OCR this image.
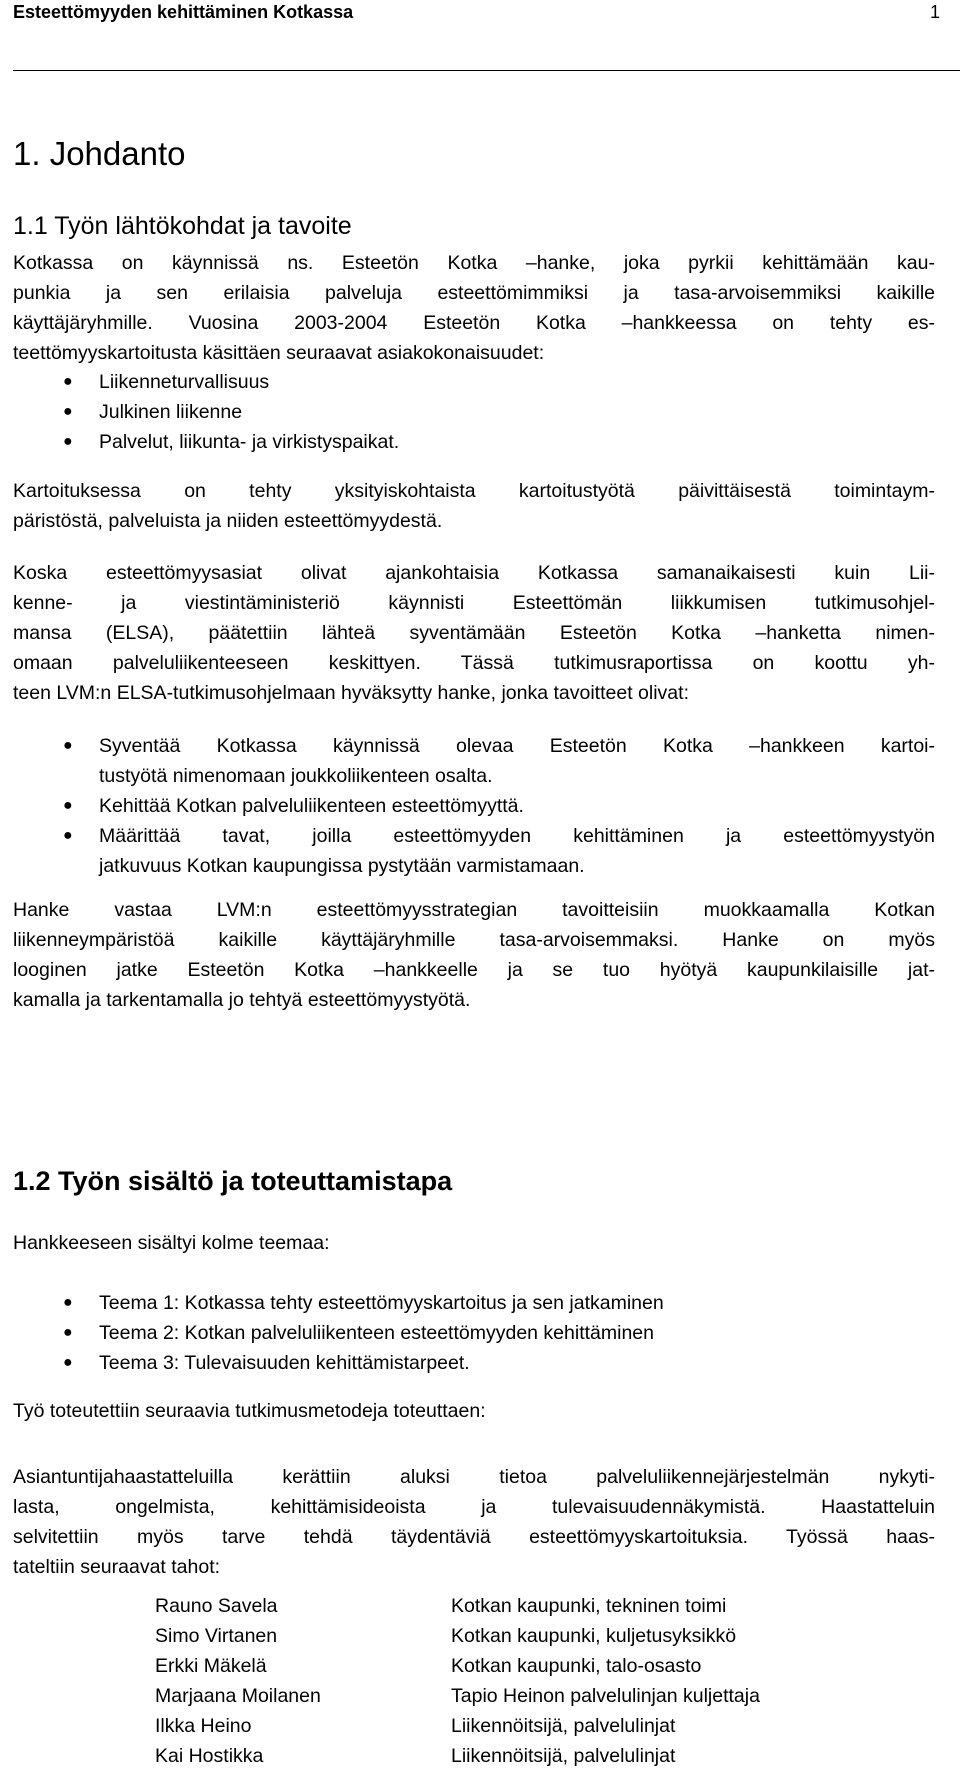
Esteettömyyden kehittäminen Kotkassa	1
1. Johdanto
1.1 Työn lähtökohdat ja tavoite

Kotkassa on käynnissä ns. Esteetön Kotka –hanke, joka pyrkii kehittämään kau-
punkia ja sen erilaisia palveluja esteettömimmiksi ja tasa-arvoisemmiksi kaikille
käyttäjäryhmille. Vuosina 2003-2004 Esteetön Kotka –hankkeessa on tehty es-
teettömyyskartoitusta käsittäen seuraavat asiakokonaisuudet:

● Liikenneturvallisuus
● Julkinen liikenne
● Palvelut, liikunta- ja virkistyspaikat.

Kartoituksessa on tehty yksityiskohtaista kartoitustyötä päivittäisestä toimintaym-
päristöstä, palveluista ja niiden esteettömyydestä.

Koska esteettömyysasiat olivat ajankohtaisia Kotkassa samanaikaisesti kuin Lii-
kenne- ja viestintäministeriö käynnisti Esteettömän liikkumisen tutkimusohjel-
mansa (ELSA), päätettiin lähteä syventämään Esteetön Kotka –hanketta nimen-
omaan palveluliikenteeseen keskittyen. Tässä tutkimusraportissa on koottu yh-
teen LVM:n ELSA-tutkimusohjelmaan hyväksytty hanke, jonka tavoitteet olivat:

● Syventää Kotkassa käynnissä olevaa Esteetön Kotka –hankkeen kartoi-
tustyötä nimenomaan joukkoliikenteen osalta.
● Kehittää Kotkan palveluliikenteen esteettömyyttä.
● Määrittää tavat, joilla esteettömyyden kehittäminen ja esteettömyystyön
jatkuvuus Kotkan kaupungissa pystytään varmistamaan.

Hanke vastaa LVM:n esteettömyysstrategian tavoitteisiin muokkaamalla Kotkan
liikenneympäristöä kaikille käyttäjäryhmille tasa-arvoisemmaksi. Hanke on myös
looginen jatke Esteetön Kotka –hankkeelle ja se tuo hyötyä kaupunkilaisille jat-
kamalla ja tarkentamalla jo tehtyä esteettömyystyötä.

1.2 Työn sisältö ja toteuttamistapa

Hankkeeseen sisältyi kolme teemaa:

● Teema 1: Kotkassa tehty esteettömyyskartoitus ja sen jatkaminen
● Teema 2: Kotkan palveluliikenteen esteettömyyden kehittäminen
● Teema 3: Tulevaisuuden kehittämistarpeet.

Työ toteutettiin seuraavia tutkimusmetodeja toteuttaen:

Asiantuntijahaastatteluilla kerättiin aluksi tietoa palveluliikennejärjestelmän nykyti-
lasta, ongelmista, kehittämisideoista ja tulevaisuudennäkymistä. Haastatteluin
selvitettiin myös tarve tehdä täydentäviä esteettömyyskartoituksia. Työssä haas-
tateltiin seuraavat tahot:

Rauno Savela	Kotkan kaupunki, tekninen toimi
Simo Virtanen	Kotkan kaupunki, kuljetusyksikkö
Erkki Mäkelä	Kotkan kaupunki, talo-osasto
Marjaana Moilanen	Tapio Heinon palvelulinjan kuljettaja
Ilkka Heino	Liikennöitsijä, palvelulinjat
Kai Hostikka	Liikennöitsijä, palvelulinjat
